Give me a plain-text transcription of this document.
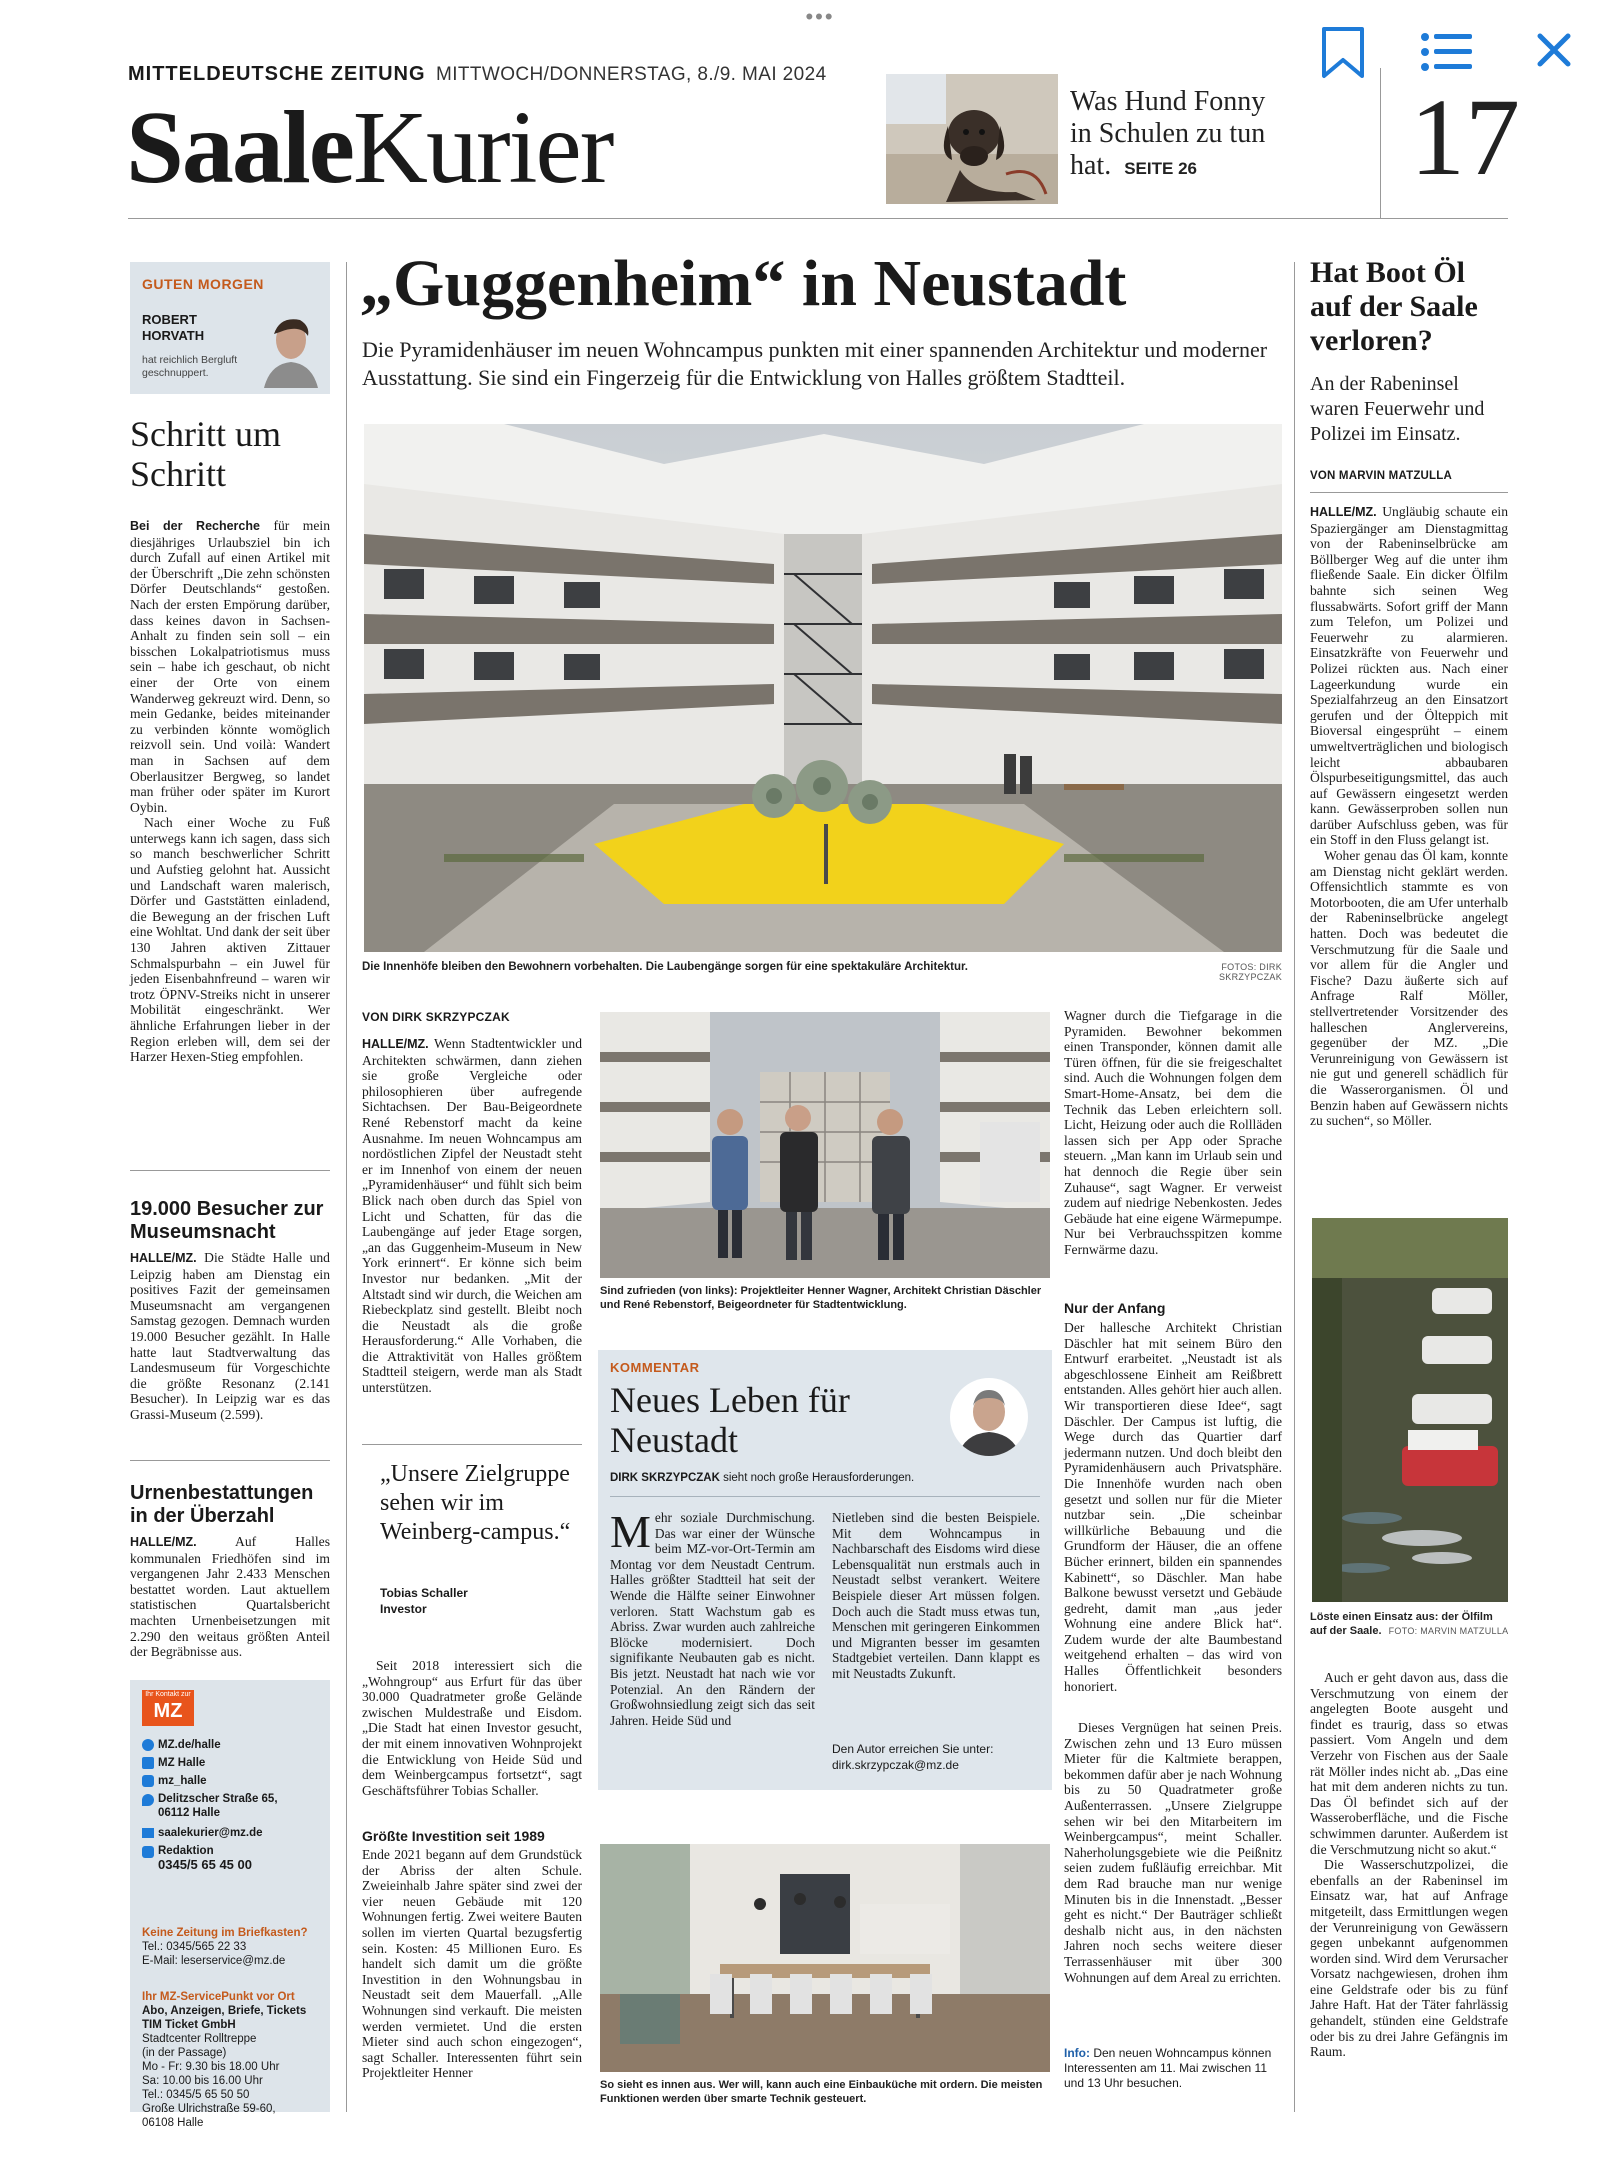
•••
MITTELDEUTSCHE ZEITUNG MITTWOCH/DONNERSTAG, 8./9. MAI 2024
SaaleKurier	Was Hund Fonny in Schulen zu tun hat. SEITE 26	17
GUTEN MORGEN
ROBERT HORVATH
hat reichlich Bergluft geschnuppert.
Schritt um Schritt

Bei der Recherche für mein diesjähriges Urlaubsziel bin ich durch Zufall auf einen Artikel mit der Überschrift „Die zehn schönsten Dörfer Deutschlands“ gestoßen. Nach der ersten Empörung darüber, dass keines davon in Sachsen-Anhalt zu finden sein soll – ein bisschen Lokalpatriotismus muss sein – habe ich geschaut, ob nicht einer der Orte von einem Wanderweg gekreuzt wird. Denn, so mein Gedanke, beides miteinander zu verbinden könnte womöglich reizvoll sein. Und voilà: Wandert man in Sachsen auf dem Oberlausitzer Bergweg, so landet man früher oder später im Kurort Oybin.

Nach einer Woche zu Fuß unterwegs kann ich sagen, dass sich so manch beschwerlicher Schritt und Aufstieg gelohnt hat. Aussicht und Landschaft waren malerisch, Dörfer und Gaststätten einladend, die Bewegung an der frischen Luft eine Wohltat. Und dank der seit über 130 Jahren aktiven Zittauer Schmalspurbahn – ein Juwel für jeden Eisenbahnfreund – waren wir trotz ÖPNV-Streiks nicht in unserer Mobilität eingeschränkt. Wer ähnliche Erfahrungen lieber in der Region erleben will, dem sei der Harzer Hexen-Stieg empfohlen.

19.000 Besucher zur Museumsnacht

HALLE/MZ. Die Städte Halle und Leipzig haben am Dienstag ein positives Fazit der gemeinsamen Museumsnacht am vergangenen Samstag gezogen. Demnach wurden 19.000 Besucher gezählt. In Halle hatte laut Stadtverwaltung das Landesmuseum für Vorgeschichte die größte Resonanz (2.141 Besucher). In Leipzig war es das Grassi-Museum (2.599).

Urnenbestattungen in der Überzahl

HALLE/MZ.	Auf Halles kommunalen Friedhöfen sind im vergangenen Jahr 2.433 Menschen bestattet worden. Laut aktuellem statistischen Quartalsbericht machten Urnenbeisetzungen mit 2.290 den weitaus größten Anteil der Begräbnisse aus.

Ihr Kontakt zur
MZ
MZ.de/halle
MZ Halle
mz_halle
Delitzscher Straße 65,
06112 Halle
saalekurier@mz.de
Redaktion
0345/5 65 45 00
Keine Zeitung im Briefkasten?
Tel.: 0345/565 22 33
E-Mail: leserservice@mz.de
Ihr MZ-ServicePunkt vor Ort
Abo, Anzeigen, Briefe, Tickets
TIM Ticket GmbH
Stadtcenter Rolltreppe
(in der Passage)
Mo - Fr: 9.30 bis 18.00 Uhr
Sa: 10.00 bis 16.00 Uhr
Tel.: 0345/5 65 50 50
Große Ulrichstraße 59-60,
06108 Halle
„Guggenheim“ in Neustadt
Die Pyramidenhäuser im neuen Wohncampus punkten mit einer spannenden Architektur und moderner Ausstattung. Sie sind ein Fingerzeig für die Entwicklung von Halles größtem Stadtteil.
Die Innenhöfe bleiben den Bewohnern vorbehalten. Die Laubengänge sorgen für eine spektakuläre Architektur.	FOTOS: DIRK SKRZYPCZAK
VON DIRK SKRZYPCZAK

HALLE/MZ. Wenn Stadtentwickler und Architekten schwärmen, dann ziehen sie große Vergleiche oder philosophieren über aufregende Sichtachsen. Der Bau-Beigeordnete René Rebenstorf macht da keine Ausnahme. Im neuen Wohncampus am nordöstlichen Zipfel der Neustadt steht er im Innenhof von einem der neuen „Pyramidenhäuser“ und fühlt sich beim Blick nach oben durch das Spiel von Licht und Schatten, für das die Laubengänge auf jeder Etage sorgen, „an das Guggenheim-Museum in New York erinnert“. Er könne sich beim Investor nur bedanken. „Mit der Altstadt sind wir durch, die Weichen am Riebeckplatz sind gestellt. Bleibt noch die Neustadt als die große Herausforderung.“ Alle Vorhaben, die die Attraktivität von Halles größtem Stadtteil steigern, werde man als Stadt unterstützen.

„Unsere Zielgruppe sehen wir im Weinberg-campus.“
Tobias Schaller
Investor

Seit 2018 interessiert sich die „Wohngroup“ aus Erfurt für das über 30.000 Quadratmeter große Gelände zwischen Muldestraße und Eisdom. „Die Stadt hat einen Investor gesucht, der mit einem innovativen Wohnprojekt die Entwicklung von Heide Süd und dem Weinbergcampus fortsetzt“, sagt Geschäftsführer Tobias Schaller.

Größte Investition seit 1989

Ende 2021 begann auf dem Grundstück der Abriss der alten Schule. Zweieinhalb Jahre später sind zwei der vier neuen Gebäude mit 120 Wohnungen fertig. Zwei weitere Bauten sollen im vierten Quartal bezugsfertig sein. Kosten: 45 Millionen Euro. Es handelt sich damit um die größte Investition in den Wohnungsbau in Neustadt seit dem Mauerfall. „Alle Wohnungen sind verkauft. Die meisten werden vermietet. Und die ersten Mieter sind auch schon eingezogen“, sagt Schaller. Interessenten führt sein Projektleiter Henner

Sind zufrieden (von links): Projektleiter Henner Wagner, Architekt Christian Däschler und René Rebenstorf, Beigeordneter für Stadtentwicklung.
KOMMENTAR
Neues Leben für Neustadt
DIRK SKRZYPCZAK sieht noch große Herausforderungen.

Mehr soziale Durchmischung. Das war einer der Wünsche beim MZ-vor-Ort-Termin am Montag vor dem Neustadt Centrum. Halles größter Stadtteil hat seit der Wende die Hälfte seiner Einwohner verloren. Statt Wachstum gab es Abriss. Zwar wurden auch zahlreiche Blöcke modernisiert. Doch signifikante Neubauten gab es nicht. Bis jetzt. Neustadt hat nach wie vor Potenzial. An den Rändern der Großwohnsiedlung zeigt sich das seit Jahren. Heide Süd und

Nietleben sind die besten Beispiele. Mit dem Wohncampus in Nachbarschaft des Eisdoms wird diese Lebensqualität nun erstmals auch in Neustadt selbst verankert. Weitere Beispiele dieser Art müssen folgen. Doch auch die Stadt muss etwas tun, Menschen mit geringeren Einkommen und Migranten besser im gesamten Stadtgebiet verteilen. Dann klappt es mit Neustadts Zukunft.

Den Autor erreichen Sie unter:
dirk.skrzypczak@mz.de
So sieht es innen aus. Wer will, kann auch eine Einbauküche mit ordern. Die meisten Funktionen werden über smarte Technik gesteuert.

Wagner durch die Tiefgarage in die Pyramiden. Bewohner bekommen einen Transponder, können damit alle Türen öffnen, für die sie freigeschaltet sind. Auch die Wohnungen folgen dem Smart-Home-Ansatz, bei dem die Technik das Leben erleichtern soll. Licht, Heizung oder auch die Rollläden lassen sich per App oder Sprache steuern. „Man kann im Urlaub sein und hat dennoch die Regie über sein Zuhause“, sagt Wagner. Er verweist zudem auf niedrige Nebenkosten. Jedes Gebäude hat eine eigene Wärmepumpe. Nur bei Verbrauchsspitzen komme Fernwärme dazu.

Nur der Anfang

Der hallesche Architekt Christian Däschler hat mit seinem Büro den Entwurf erarbeitet. „Neustadt ist als abgeschlossene Einheit am Reißbrett entstanden. Alles gehört hier auch allen. Wir transportieren diese Idee“, sagt Däschler. Der Campus ist luftig, die Wege durch das Quartier darf jedermann nutzen. Und doch bleibt den Pyramidenhäusern auch Privatsphäre. Die Innenhöfe wurden nach oben gesetzt und sollen nur für die Mieter nutzbar sein. „Die scheinbar willkürliche Bebauung und die Grundform der Häuser, die an offene Bücher erinnert, bilden ein spannendes Kabinett“, so Däschler. Man habe Balkone bewusst versetzt und Gebäude gedreht, damit man „aus jeder Wohnung eine andere Blick hat“. Zudem wurde der alte Baumbestand weitgehend erhalten – das wird von Halles Öffentlichkeit besonders honoriert.

Dieses Vergnügen hat seinen Preis. Zwischen zehn und 13 Euro müssen Mieter für die Kaltmiete berappen, bekommen dafür aber je nach Wohnung bis zu 50 Quadratmeter große Außenterrassen. „Unsere Zielgruppe sehen wir bei den Mitarbeitern im Weinbergcampus“, meint Schaller. Naherholungsgebiete wie die Peißnitz seien zudem fußläufig erreichbar. Mit dem Rad brauche man nur wenige Minuten bis in die Innenstadt. „Besser geht es nicht.“ Der Bauträger schließt deshalb nicht aus, in den nächsten Jahren noch sechs weitere dieser Terrassenhäuser mit über 300 Wohnungen auf dem Areal zu errichten.

Info: Den neuen Wohncampus können Interessenten am 11. Mai zwischen 11 und 13 Uhr besuchen.
Hat Boot Öl auf der Saale verloren?
An der Rabeninsel waren Feuerwehr und Polizei im Einsatz.
VON MARVIN MATZULLA

HALLE/MZ. Ungläubig schaute ein Spaziergänger am Dienstagmittag von der Rabeninselbrücke am Böllberger Weg auf die unter ihm fließende Saale. Ein dicker Ölfilm bahnte sich seinen Weg flussabwärts. Sofort griff der Mann zum Telefon, um Polizei und Feuerwehr zu alarmieren. Einsatzkräfte von Feuerwehr und Polizei rückten aus. Nach einer Lageerkundung wurde ein Spezialfahrzeug an den Einsatzort gerufen und der Ölteppich mit Bioversal eingesprüht – einem umweltverträglichen und biologisch leicht abbaubaren Ölspurbeseitigungsmittel, das auch auf Gewässern eingesetzt werden kann. Gewässerproben sollen nun darüber Aufschluss geben, was für ein Stoff in den Fluss gelangt ist.

Woher genau das Öl kam, konnte am Dienstag nicht geklärt werden. Offensichtlich stammte es von Motorbooten, die am Ufer unterhalb der Rabeninselbrücke angelegt hatten. Doch was bedeutet die Verschmutzung für die Saale und vor allem für die Angler und Fische? Dazu äußerte sich auf Anfrage Ralf Möller, stellvertretender Vorsitzender des halleschen Anglervereins, gegenüber der MZ. „Die Verunreinigung von Gewässern ist nie gut und generell schädlich für die Wasserorganismen. Öl und Benzin haben auf Gewässern nichts zu suchen“, so Möller.

Löste einen Einsatz aus: der Ölfilm auf der Saale. FOTO: MARVIN MATZULLA

Auch er geht davon aus, dass die Verschmutzung von einem der angelegten Boote ausgeht und findet es traurig, dass so etwas passiert. Vom Angeln und dem Verzehr von Fischen aus der Saale rät Möller indes nicht ab. „Das eine hat mit dem anderen nichts zu tun. Das Öl befindet sich auf der Wasseroberfläche, und die Fische schwimmen darunter. Außerdem ist die Verschmutzung nicht so akut.“

Die Wasserschutzpolizei, die ebenfalls an der Rabeninsel im Einsatz war, hat auf Anfrage mitgeteilt, dass Ermittlungen wegen der Verunreinigung von Gewässern gegen unbekannt aufgenommen worden sind. Wird dem Verursacher Vorsatz nachgewiesen, drohen ihm eine Geldstrafe oder bis zu fünf Jahre Haft. Hat der Täter fahrlässig gehandelt, stünden eine Geldstrafe oder bis zu drei Jahre Gefängnis im Raum.
